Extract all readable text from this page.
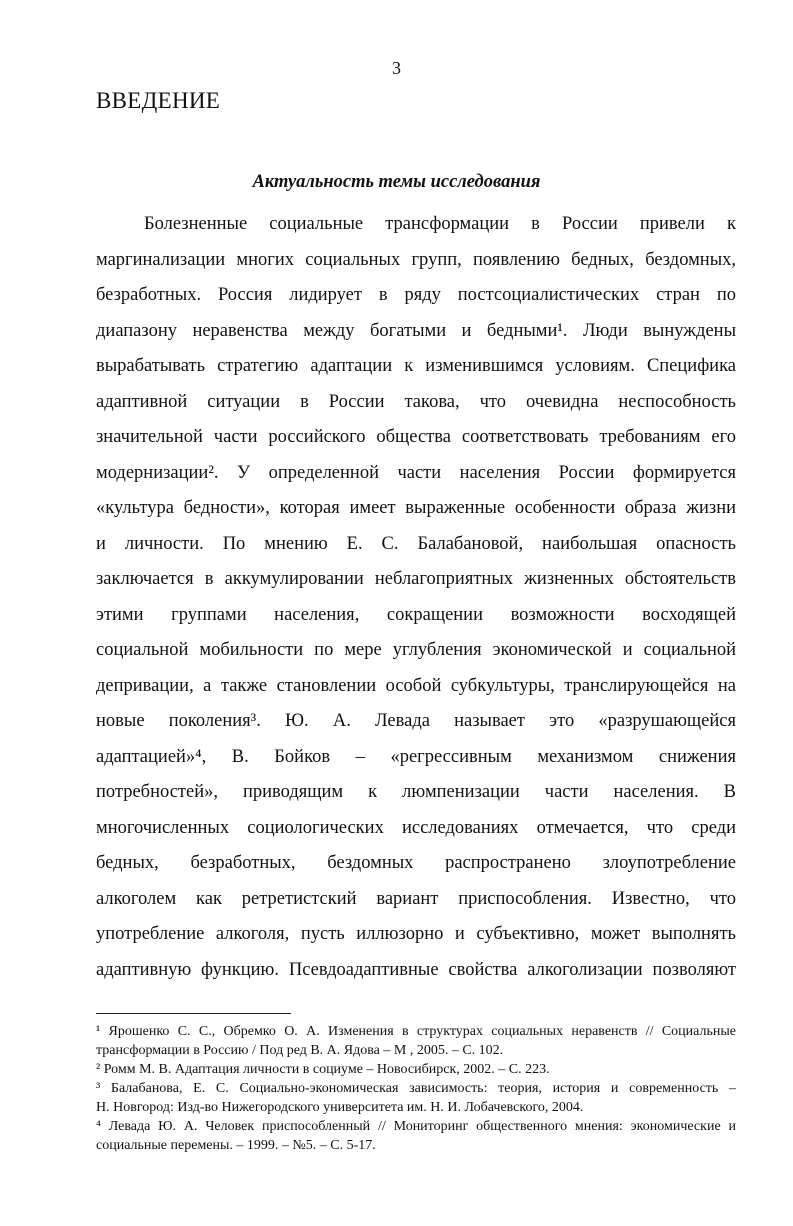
3
ВВЕДЕНИЕ
Актуальность темы исследования
Болезненные социальные трансформации в России привели к
маргинализации многих социальных групп, появлению бедных, бездомных,
безработных. Россия лидирует в ряду постсоциалистических стран по
диапазону неравенства между богатыми и бедными¹. Люди вынуждены
вырабатывать стратегию адаптации к изменившимся условиям. Специфика
адаптивной ситуации в России такова, что очевидна неспособность
значительной части российского общества соответствовать требованиям его
модернизации². У определенной части населения России формируется
«культура бедности», которая имеет выраженные особенности образа жизни
и личности. По мнению Е. С. Балабановой, наибольшая опасность
заключается в аккумулировании неблагоприятных жизненных обстоятельств
этими группами населения, сокращении возможности восходящей
социальной мобильности по мере углубления экономической и социальной
депривации, а также становлении особой субкультуры, транслирующейся на
новые поколения³. Ю. А. Левада называет это «разрушающейся
адаптацией»⁴, В. Бойков – «регрессивным механизмом снижения
потребностей», приводящим к люмпенизации части населения. В
многочисленных социологических исследованиях отмечается, что среди
бедных, безработных, бездомных распространено злоупотребление
алкоголем как ретретистский вариант приспособления. Известно, что
употребление алкоголя, пусть иллюзорно и субъективно, может выполнять
адаптивную функцию. Псевдоадаптивные свойства алкоголизации позволяют
¹ Ярошенко С. С., Обремко О. А. Изменения в структурах социальных неравенств // Социальные
трансформации в Россию / Под ред В. А. Ядова – М , 2005. – С. 102.
² Ромм М. В. Адаптация личности в социуме – Новосибирск, 2002. – С. 223.
³ Балабанова, Е. С. Социально-экономическая зависимость: теория, история и современность –
Н. Новгород: Изд-во Нижегородского университета им. Н. И. Лобачевского, 2004.
⁴ Левада Ю. А. Человек приспособленный // Мониторинг общественного мнения: экономические и
социальные перемены. – 1999. – №5. – С. 5-17.
